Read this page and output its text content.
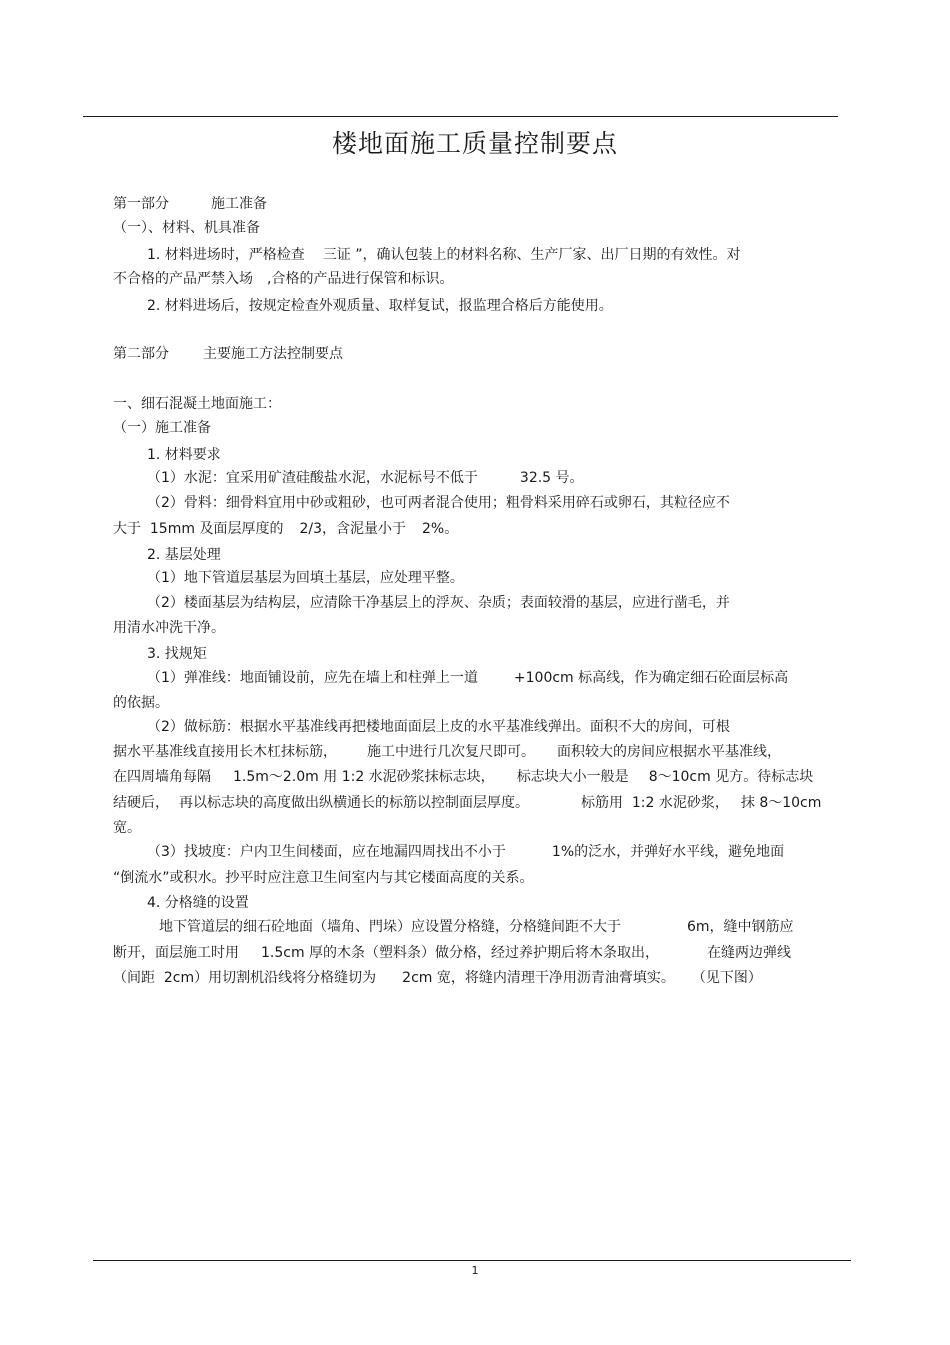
楼地面施工质量控制要点
第一部分	施工准备
（一）、材料、机具准备
1. 材料进场时，严格检查 三证 ”，确认包装上的材料名称、生产厂家、出厂日期的有效性。对
不合格的产品严禁入场 ,合格的产品进行保管和标识。
2. 材料进场后，按规定检查外观质量、取样复试，报监理合格后方能使用。
第二部分 主要施工方法控制要点
一、细石混凝土地面施工：
（一）施工准备
1. 材料要求
（1）水泥：宜采用矿渣硅酸盐水泥，水泥标号不低于	32.5 号。
（2）骨料：细骨料宜用中砂或粗砂，也可两者混合使用；粗骨料采用碎石或卵石，其粒径应不
大于  15mm 及面层厚度的 2/3，含泥量小于 2%。
2. 基层处理
（1）地下管道层基层为回填土基层，应处理平整。
（2）楼面基层为结构层，应清除干净基层上的浮灰、杂质；表面较滑的基层，应进行凿毛，并
用清水冲洗干净。
3. 找规矩
（1）弹准线：地面铺设前，应先在墙上和柱弹上一道	+100cm 标高线，作为确定细石砼面层标高
的依据。
（2）做标筋：根据水平基准线再把楼地面面层上皮的水平基准线弹出。面积不大的房间，可根
据水平基准线直接用长木杠抹标筋， 施工中进行几次复尺即可。 面积较大的房间应根据水平基准线，
在四周墙角每隔 1.5m～2.0m 用 1:2 水泥砂浆抹标志块， 标志块大小一般是 8～10cm 见方。待标志块
结硬后， 再以标志块的高度做出纵横通长的标筋以控制面层厚度。	标筋用  1:2 水泥砂浆， 抹 8～10cm
宽。
（3）找坡度：户内卫生间楼面，应在地漏四周找出不小于	1%的泛水，并弹好水平线，避免地面
“倒流水”或积水。抄平时应注意卫生间室内与其它楼面高度的关系。
4. 分格缝的设置
地下管道层的细石砼地面（墙角、門垛）应设置分格缝，分格缝间距不大于	6m，缝中钢筋应
断开，面层施工时用 1.5cm 厚的木条（塑料条）做分格，经过养护期后将木条取出，	在缝两边弹线
（间距  2cm）用切割机沿线将分格缝切为 2cm 宽，将缝内清理干净用沥青油膏填实。 （见下图）
1
